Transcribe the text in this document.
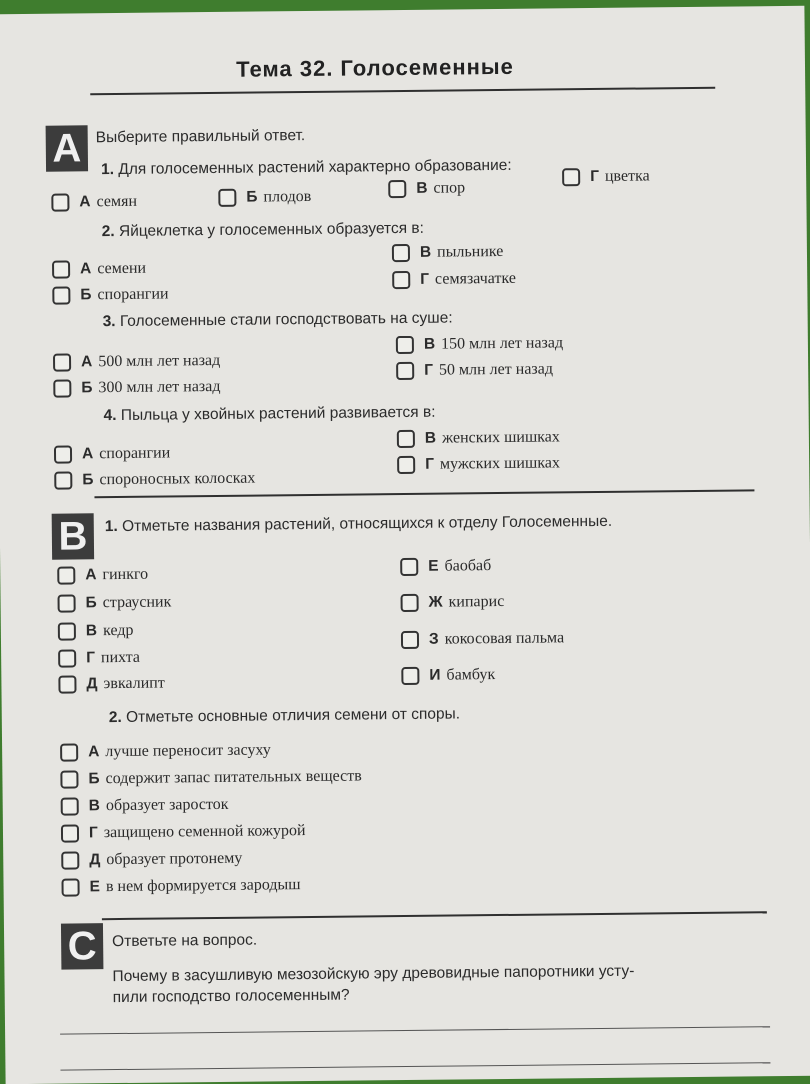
Тема 32. Голосеменные
A Выберите правильный ответ.
1. Для голосеменных растений характерно образование:
А семян	Б плодов	В спор
Г цветка
2. Яйцеклетка у голосеменных образуется в:
А семени
Б спорангии
В пыльнике
Г семязачатке
3. Голосеменные стали господствовать на суше:
А 500 млн лет назад
Б 300 млн лет назад
В 150 млн лет назад
Г 50 млн лет назад
4. Пыльца у хвойных растений развивается в:
А спорангии
Б спороносных колосках
В женских шишках
Г мужских шишках
B	1. Отметьте названия растений, относящихся к отделу Голосеменные.
А гинкго
Б страусник
В кедр
Г пихта
Д эвкалипт
Е баобаб
Ж кипарис
З кокосовая пальма
И бамбук
2. Отметьте основные отличия семени от споры.
А лучше переносит засуху
Б содержит запас питательных веществ
В образует заросток
Г защищено семенной кожурой
Д образует протонему
Е в нем формируется зародыш
C Ответьте на вопрос.
Почему в засушливую мезозойскую эру древовидные папоротники усту-
пили господство голосеменным?
